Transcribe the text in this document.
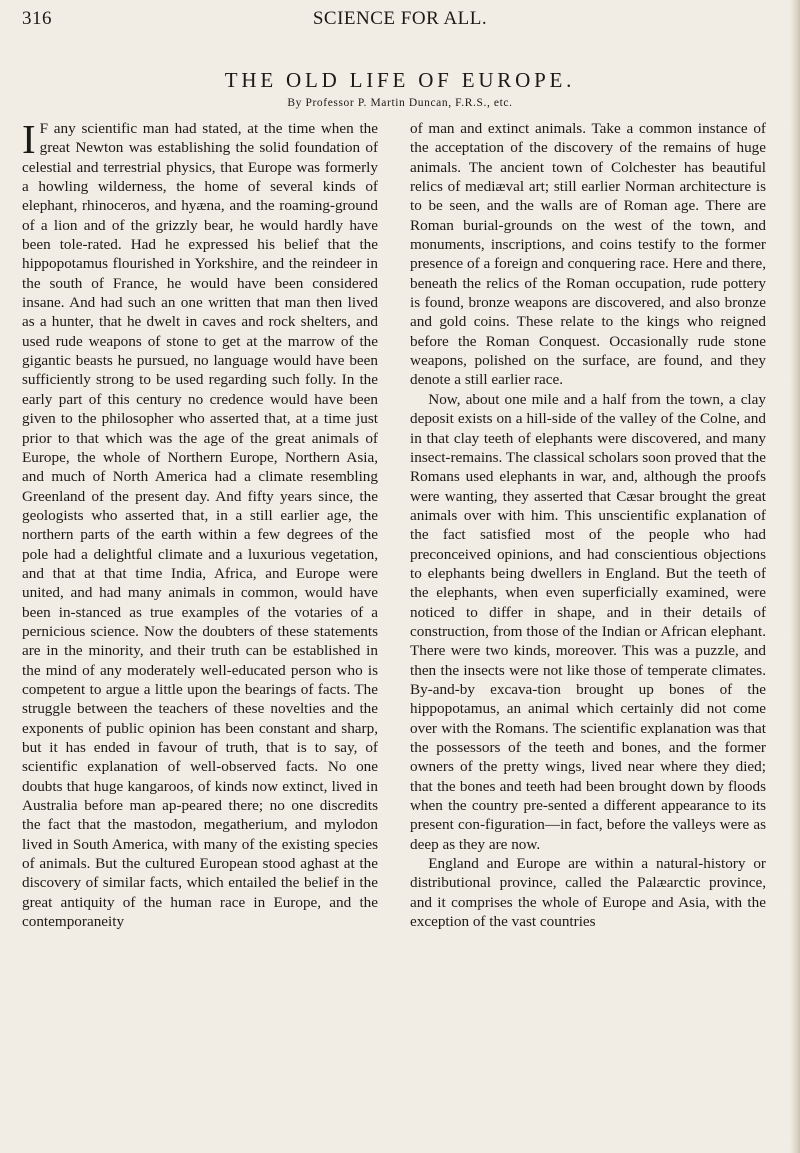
316	SCIENCE FOR ALL.
THE OLD LIFE OF EUROPE.

By Professor P. Martin Duncan, F.R.S., etc.

I F any scientific man had stated, at the time when the great Newton was establishing the solid foundation of celestial and terrestrial physics, that Europe was formerly a howling wilderness, the home of several kinds of elephant, rhinoceros, and hyæna, and the roaming-ground of a lion and of the grizzly bear, he would hardly have been tole-rated. Had he expressed his belief that the hippopotamus flourished in Yorkshire, and the reindeer in the south of France, he would have been considered insane. And had such an one written that man then lived as a hunter, that he dwelt in caves and rock shelters, and used rude weapons of stone to get at the marrow of the gigantic beasts he pursued, no language would have been sufficiently strong to be used regarding such folly. In the early part of this century no credence would have been given to the philosopher who asserted that, at a time just prior to that which was the age of the great animals of Europe, the whole of Northern Europe, Northern Asia, and much of North America had a climate resembling Greenland of the present day. And fifty years since, the geologists who asserted that, in a still earlier age, the northern parts of the earth within a few degrees of the pole had a delightful climate and a luxurious vegetation, and that at that time India, Africa, and Europe were united, and had many animals in common, would have been in-stanced as true examples of the votaries of a pernicious science. Now the doubters of these statements are in the minority, and their truth can be established in the mind of any moderately well-educated person who is competent to argue a little upon the bearings of facts. The struggle between the teachers of these novelties and the exponents of public opinion has been constant and sharp, but it has ended in favour of truth, that is to say, of scientific explanation of well-observed facts. No one doubts that huge kangaroos, of kinds now extinct, lived in Australia before man ap-peared there; no one discredits the fact that the mastodon, megatherium, and mylodon lived in South America, with many of the existing species of animals. But the cultured European stood aghast at the discovery of similar facts, which entailed the belief in the great antiquity of the human race in Europe, and the contemporaneity

of man and extinct animals. Take a common instance of the acceptation of the discovery of the remains of huge animals. The ancient town of Colchester has beautiful relics of mediæval art; still earlier Norman architecture is to be seen, and the walls are of Roman age. There are Roman burial-grounds on the west of the town, and monuments, inscriptions, and coins testify to the former presence of a foreign and conquering race. Here and there, beneath the relics of the Roman occupation, rude pottery is found, bronze weapons are discovered, and also bronze and gold coins. These relate to the kings who reigned before the Roman Conquest. Occasionally rude stone weapons, polished on the surface, are found, and they denote a still earlier race.

Now, about one mile and a half from the town, a clay deposit exists on a hill-side of the valley of the Colne, and in that clay teeth of elephants were discovered, and many insect-remains. The classical scholars soon proved that the Romans used elephants in war, and, although the proofs were wanting, they asserted that Cæsar brought the great animals over with him. This unscientific explanation of the fact satisfied most of the people who had preconceived opinions, and had conscientious objections to elephants being dwellers in England. But the teeth of the elephants, when even superficially examined, were noticed to differ in shape, and in their details of construction, from those of the Indian or African elephant. There were two kinds, moreover. This was a puzzle, and then the insects were not like those of temperate climates. By-and-by excava-tion brought up bones of the hippopotamus, an animal which certainly did not come over with the Romans. The scientific explanation was that the possessors of the teeth and bones, and the former owners of the pretty wings, lived near where they died; that the bones and teeth had been brought down by floods when the country pre-sented a different appearance to its present con-figuration—in fact, before the valleys were as deep as they are now.

England and Europe are within a natural-history or distributional province, called the Palæarctic province, and it comprises the whole of Europe and Asia, with the exception of the vast countries
